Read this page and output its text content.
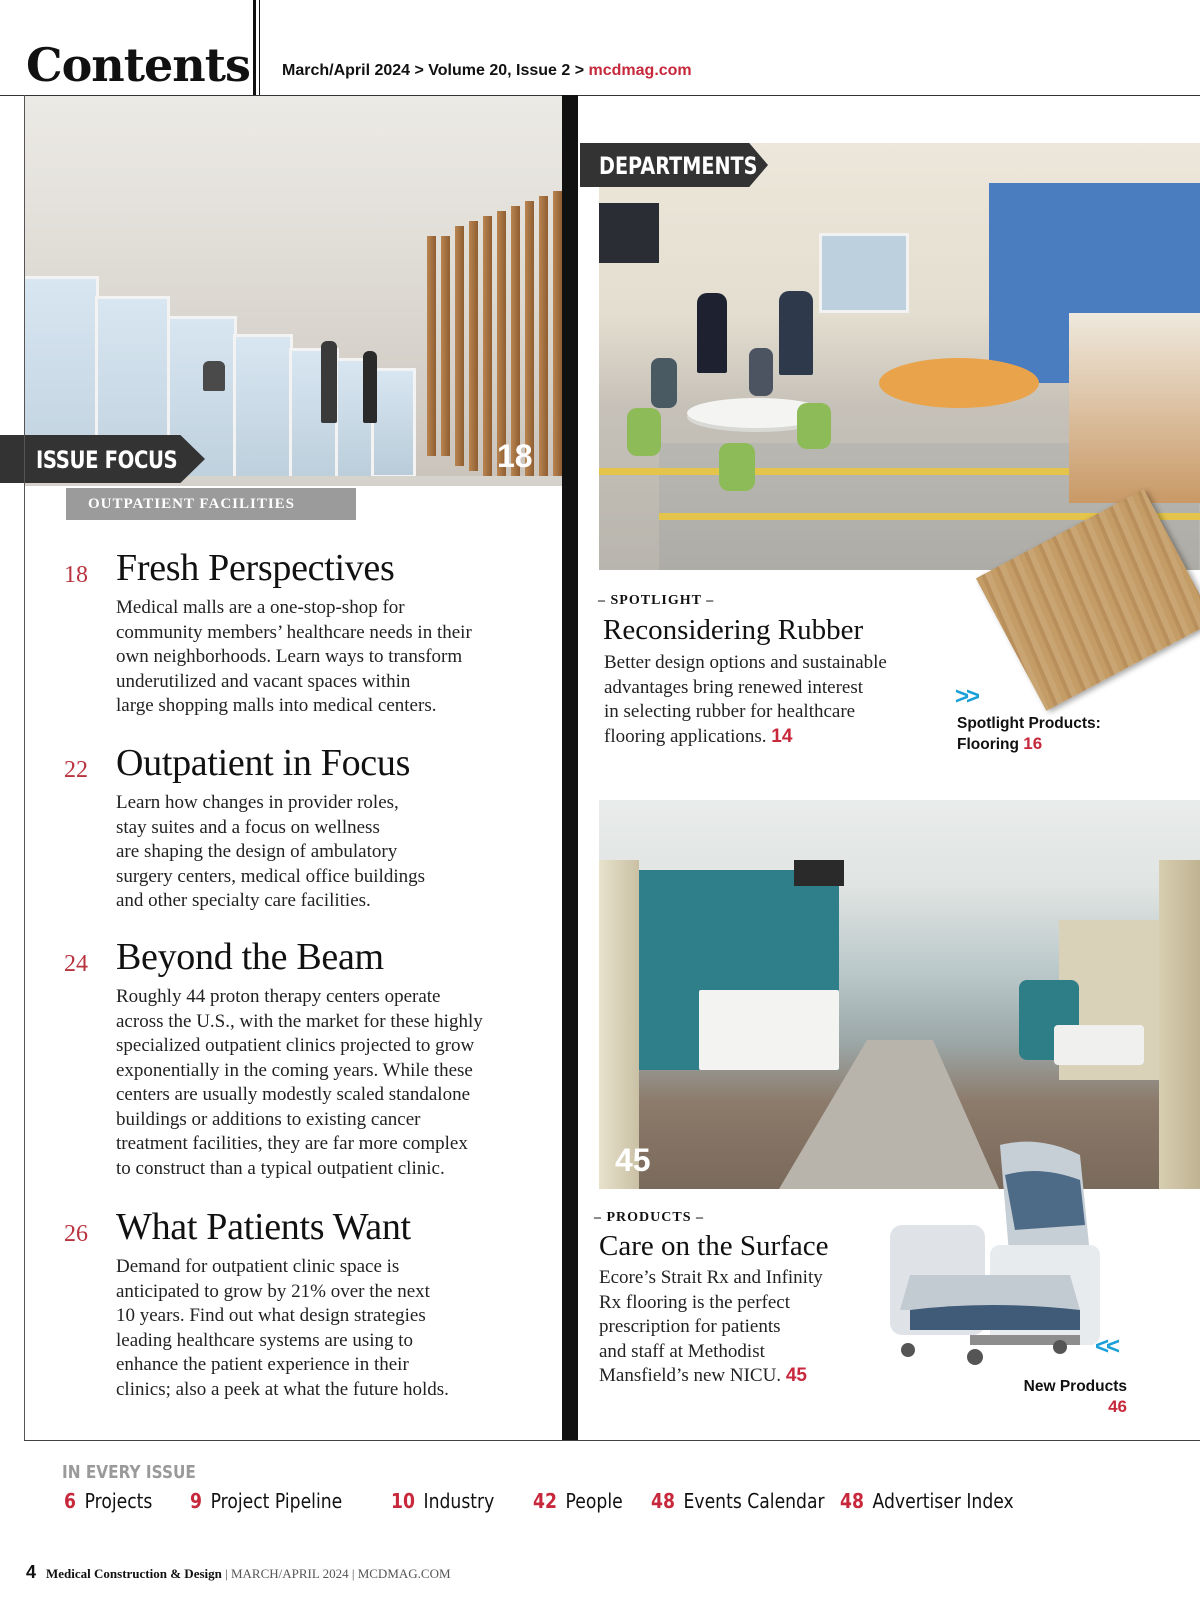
Contents March/April 2024 > Volume 20, Issue 2 > mcdmag.com
18
ISSUE FOCUS
OUTPATIENT FACILITIES
18 Fresh Perspectives
Medical malls are a one-stop-shop for
community members’ healthcare needs in their
own neighborhoods. Learn ways to transform
underutilized and vacant spaces within
large shopping malls into medical centers.
22 Outpatient in Focus
Learn how changes in provider roles,
stay suites and a focus on wellness
are shaping the design of ambulatory
surgery centers, medical office buildings
and other specialty care facilities.
24 Beyond the Beam
Roughly 44 proton therapy centers operate
across the U.S., with the market for these highly
specialized outpatient clinics projected to grow
exponentially in the coming years. While these
centers are usually modestly scaled standalone
buildings or additions to existing cancer
treatment facilities, they are far more complex
to construct than a typical outpatient clinic.
26 What Patients Want
Demand for outpatient clinic space is
anticipated to grow by 21% over the next
10 years. Find out what design strategies
leading healthcare systems are using to
enhance the patient experience in their
clinics; also a peek at what the future holds.
DEPARTMENTS
– SPOTLIGHT –
Reconsidering Rubber
Better design options and sustainable
advantages bring renewed interest
in selecting rubber for healthcare
flooring applications. 14
>>
Spotlight Products:
Flooring 16
45
– PRODUCTS –
Care on the Surface
Ecore’s Strait Rx and Infinity
Rx flooring is the perfect
prescription for patients
and staff at Methodist
Mansfield’s new NICU. 45
<<
New Products
46
IN EVERY ISSUE
6 Projects 9 Project Pipeline 10 Industry 42 People 48 Events Calendar 48 Advertiser Index
4 Medical Construction & Design | MARCH/APRIL 2024 | MCDMAG.COM
